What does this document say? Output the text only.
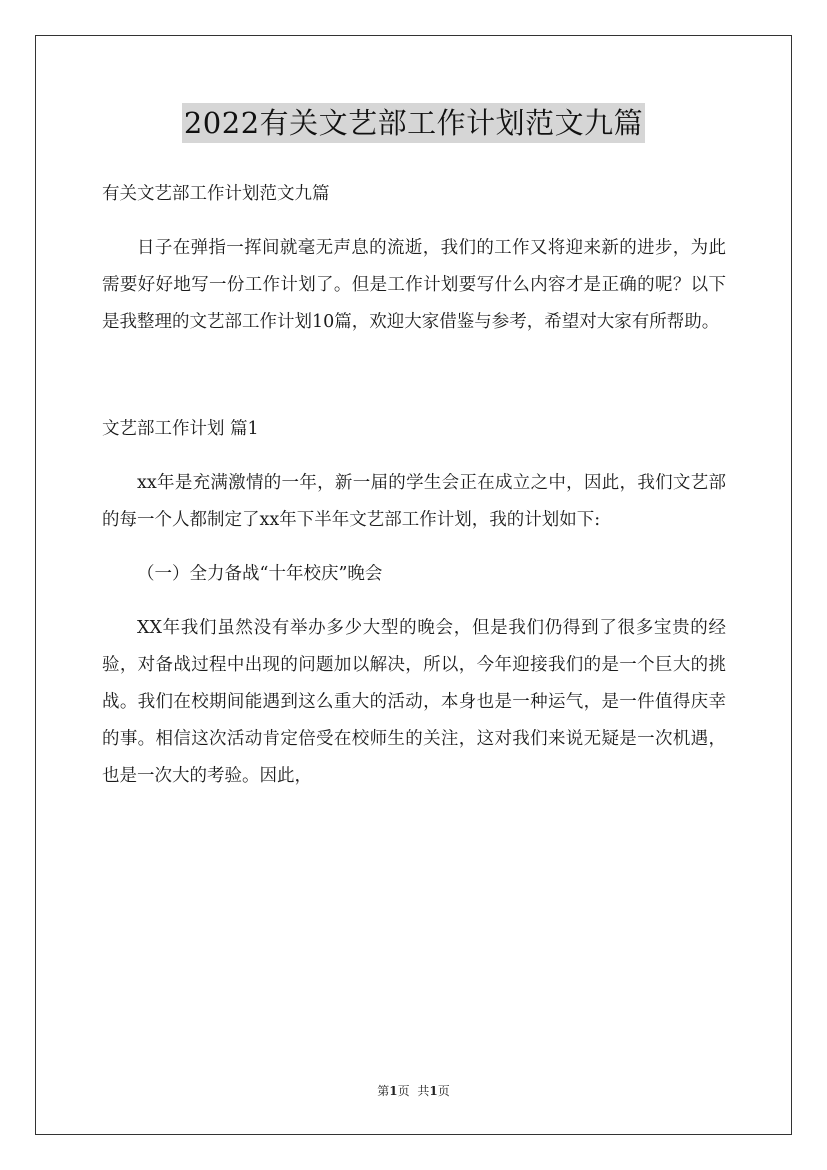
2022有关文艺部工作计划范文九篇

有关文艺部工作计划范文九篇

日子在弹指一挥间就毫无声息的流逝，我们的工作又将迎来新的进步，为此需要好好地写一份工作计划了。但是工作计划要写什么内容才是正确的呢？以下是我整理的文艺部工作计划10篇，欢迎大家借鉴与参考，希望对大家有所帮助。

文艺部工作计划 篇1

xx年是充满激情的一年，新一届的学生会正在成立之中，因此，我们文艺部的每一个人都制定了xx年下半年文艺部工作计划，我的计划如下:

（一）全力备战“十年校庆”晚会

XX年我们虽然没有举办多少大型的晚会，但是我们仍得到了很多宝贵的经验，对备战过程中出现的问题加以解决，所以，今年迎接我们的是一个巨大的挑战。我们在校期间能遇到这么重大的活动，本身也是一种运气，是一件值得庆幸的事。相信这次活动肯定倍受在校师生的关注，这对我们来说无疑是一次机遇，也是一次大的考验。因此，

第1页 共1页
